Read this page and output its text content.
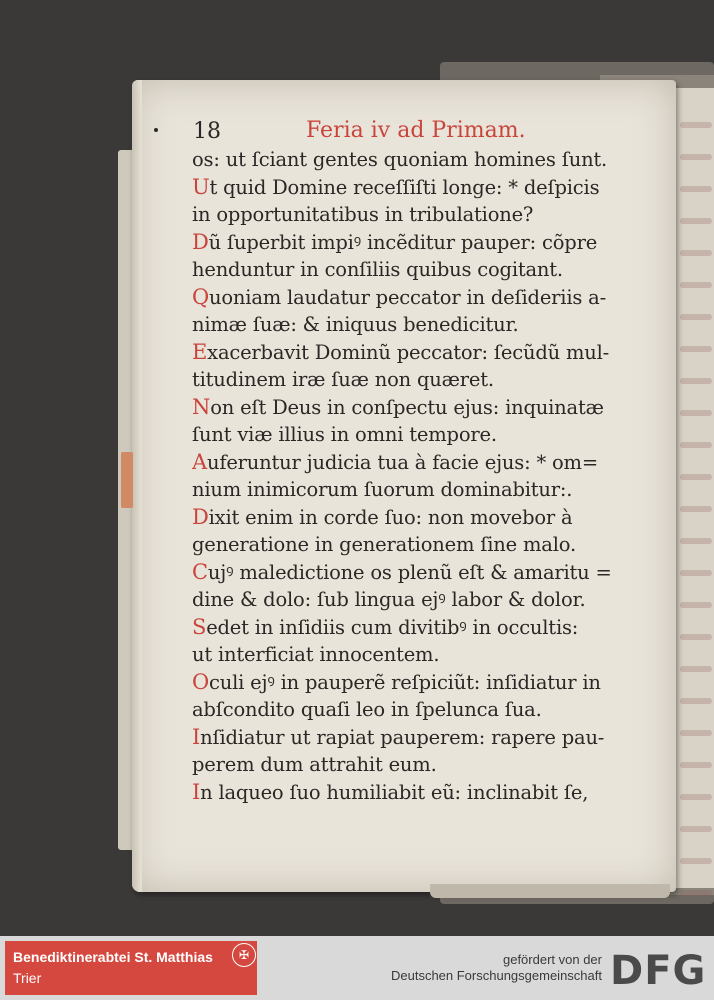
18	Feria iv ad Primam.
os: ut ſciant gentes quoniam homines ſunt.
Ut quid Domine receſſiſti longe: * deſpicis
in opportunitatibus in tribulatione?
Dũ ſuperbit impiꝰ incẽditur pauper: cõpre
henduntur in conſiliis quibus cogitant.
Quoniam laudatur peccator in deſideriis a-
nimæ ſuæ: & iniquus benedicitur.
Exacerbavit Dominũ peccator: ſecũdũ mul-
titudinem iræ ſuæ non quæret.
Non eſt Deus in conſpectu ejus: inquinatæ
ſunt viæ illius in omni tempore.
Auferuntur judicia tua à facie ejus: * om=
nium inimicorum ſuorum dominabitur:.
Dixit enim in corde ſuo: non movebor à
generatione in generationem ſine malo.
Cujꝰ maledictione os plenũ eſt & amaritu =
dine & dolo: ſub lingua ejꝰ labor & dolor.
Sedet in inſidiis cum divitibꝰ in occultis:
ut interficiat innocentem.
Oculi ejꝰ in pauperẽ reſpiciũt: inſidiatur in
abſcondito quaſi leo in ſpelunca ſua.
Inſidiatur ut rapiat pauperem: rapere pau-
perem dum attrahit eum.
In laqueo ſuo humiliabit eũ: inclinabit ſe,
Benediktinerabtei St. Matthias
Trier
✠	gefördert von der
Deutschen Forschungsgemeinschaft DFG
